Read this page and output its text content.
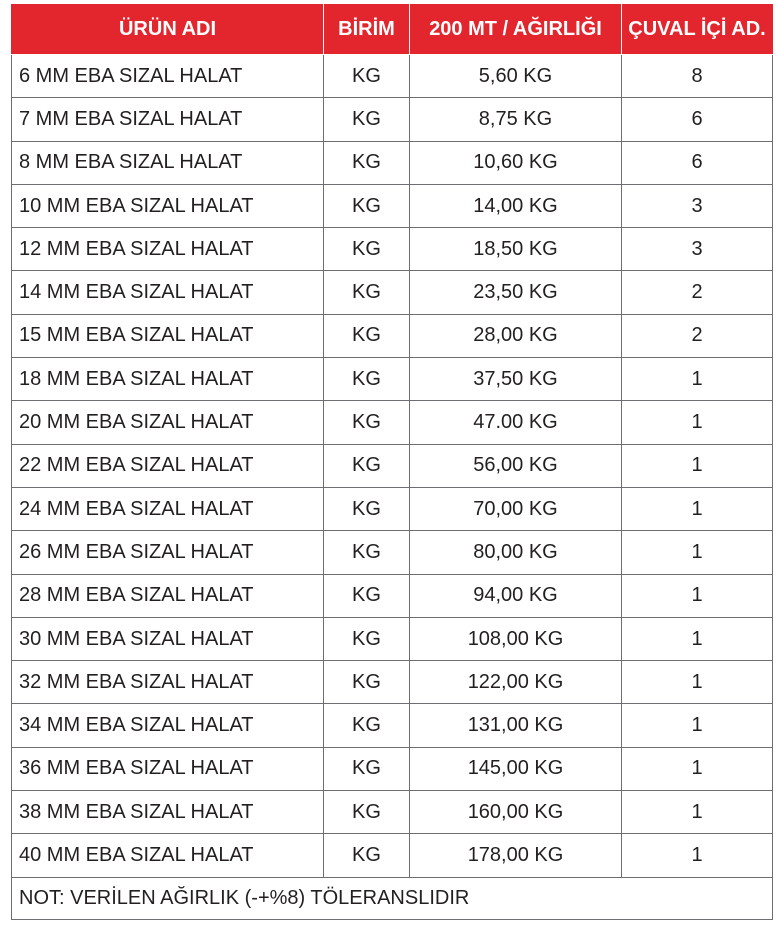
ÜRÜN ADI	BİRİM	200 MT / AĞIRLIĞI	ÇUVAL İÇİ AD.
6 MM EBA SIZAL HALAT	KG	5,60 KG	8
7 MM EBA SIZAL HALAT	KG	8,75 KG	6
8 MM EBA SIZAL HALAT	KG	10,60 KG	6
10 MM EBA SIZAL HALAT	KG	14,00 KG	3
12 MM EBA SIZAL HALAT	KG	18,50 KG	3
14 MM EBA SIZAL HALAT	KG	23,50 KG	2
15 MM EBA SIZAL HALAT	KG	28,00 KG	2
18 MM EBA SIZAL HALAT	KG	37,50 KG	1
20 MM EBA SIZAL HALAT	KG	47.00 KG	1
22 MM EBA SIZAL HALAT	KG	56,00 KG	1
24 MM EBA SIZAL HALAT	KG	70,00 KG	1
26 MM EBA SIZAL HALAT	KG	80,00 KG	1
28 MM EBA SIZAL HALAT	KG	94,00 KG	1
30 MM EBA SIZAL HALAT	KG	108,00 KG	1
32 MM EBA SIZAL HALAT	KG	122,00 KG	1
34 MM EBA SIZAL HALAT	KG	131,00 KG	1
36 MM EBA SIZAL HALAT	KG	145,00 KG	1
38 MM EBA SIZAL HALAT	KG	160,00 KG	1
40 MM EBA SIZAL HALAT	KG	178,00 KG	1
NOT: VERİLEN AĞIRLIK (-+%8) TÖLERANSLIDIR			
